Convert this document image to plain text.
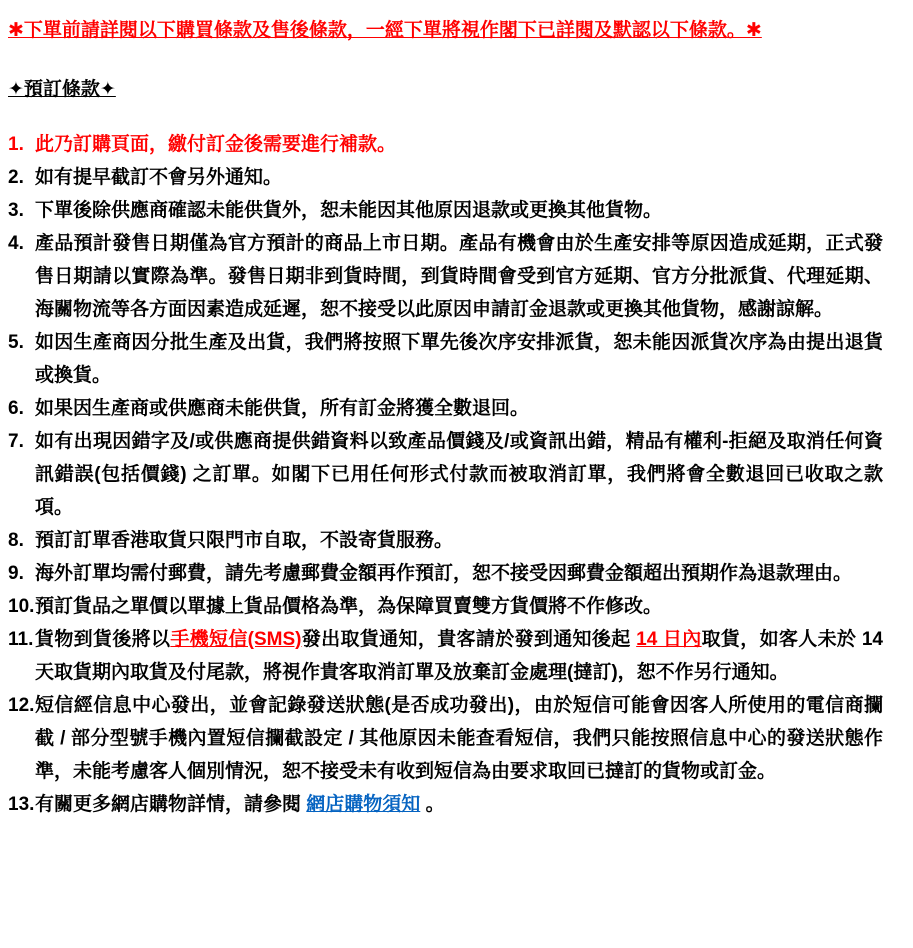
✱下單前請詳閱以下購買條款及售後條款，一經下單將視作閣下已詳閱及默認以下條款。✱
✦預訂條款✦
1. 此乃訂購頁面，繳付訂金後需要進行補款。
2. 如有提早截訂不會另外通知。
3. 下單後除供應商確認未能供貨外，恕未能因其他原因退款或更換其他貨物。
4. 產品預計發售日期僅為官方預計的商品上市日期。產品有機會由於生產安排等原因造成延期，正式發售日期請以實際為準。發售日期非到貨時間，到貨時間會受到官方延期、官方分批派貨、代理延期、海關物流等各方面因素造成延遲，恕不接受以此原因申請訂金退款或更換其他貨物，感謝諒解。
5. 如因生產商因分批生產及出貨，我們將按照下單先後次序安排派貨，恕未能因派貨次序為由提出退貨或換貨。
6. 如果因生產商或供應商未能供貨，所有訂金將獲全數退回。
7. 如有出現因錯字及/或供應商提供錯資料以致產品價錢及/或資訊出錯，精品有權利-拒絕及取消任何資訊錯誤(包括價錢) 之訂單。如閣下已用任何形式付款而被取消訂單，我們將會全數退回已收取之款項。
8. 預訂訂單香港取貨只限門市自取，不設寄貨服務。
9. 海外訂單均需付郵費，請先考慮郵費金額再作預訂，恕不接受因郵費金額超出預期作為退款理由。
10. 預訂貨品之單價以單據上貨品價格為準，為保障買賣雙方貨價將不作修改。
11. 貨物到貨後將以手機短信(SMS)發出取貨通知，貴客請於發到通知後起 14 日內取貨，如客人未於 14 天取貨期內取貨及付尾款，將視作貴客取消訂單及放棄訂金處理(撻訂)，恕不作另行通知。
12. 短信經信息中心發出，並會記錄發送狀態(是否成功發出)，由於短信可能會因客人所使用的電信商攔截 / 部分型號手機內置短信攔截設定 / 其他原因未能查看短信，我們只能按照信息中心的發送狀態作準，未能考慮客人個別情況，恕不接受未有收到短信為由要求取回已撻訂的貨物或訂金。
13. 有關更多網店購物詳情，請參閱 網店購物須知 。
